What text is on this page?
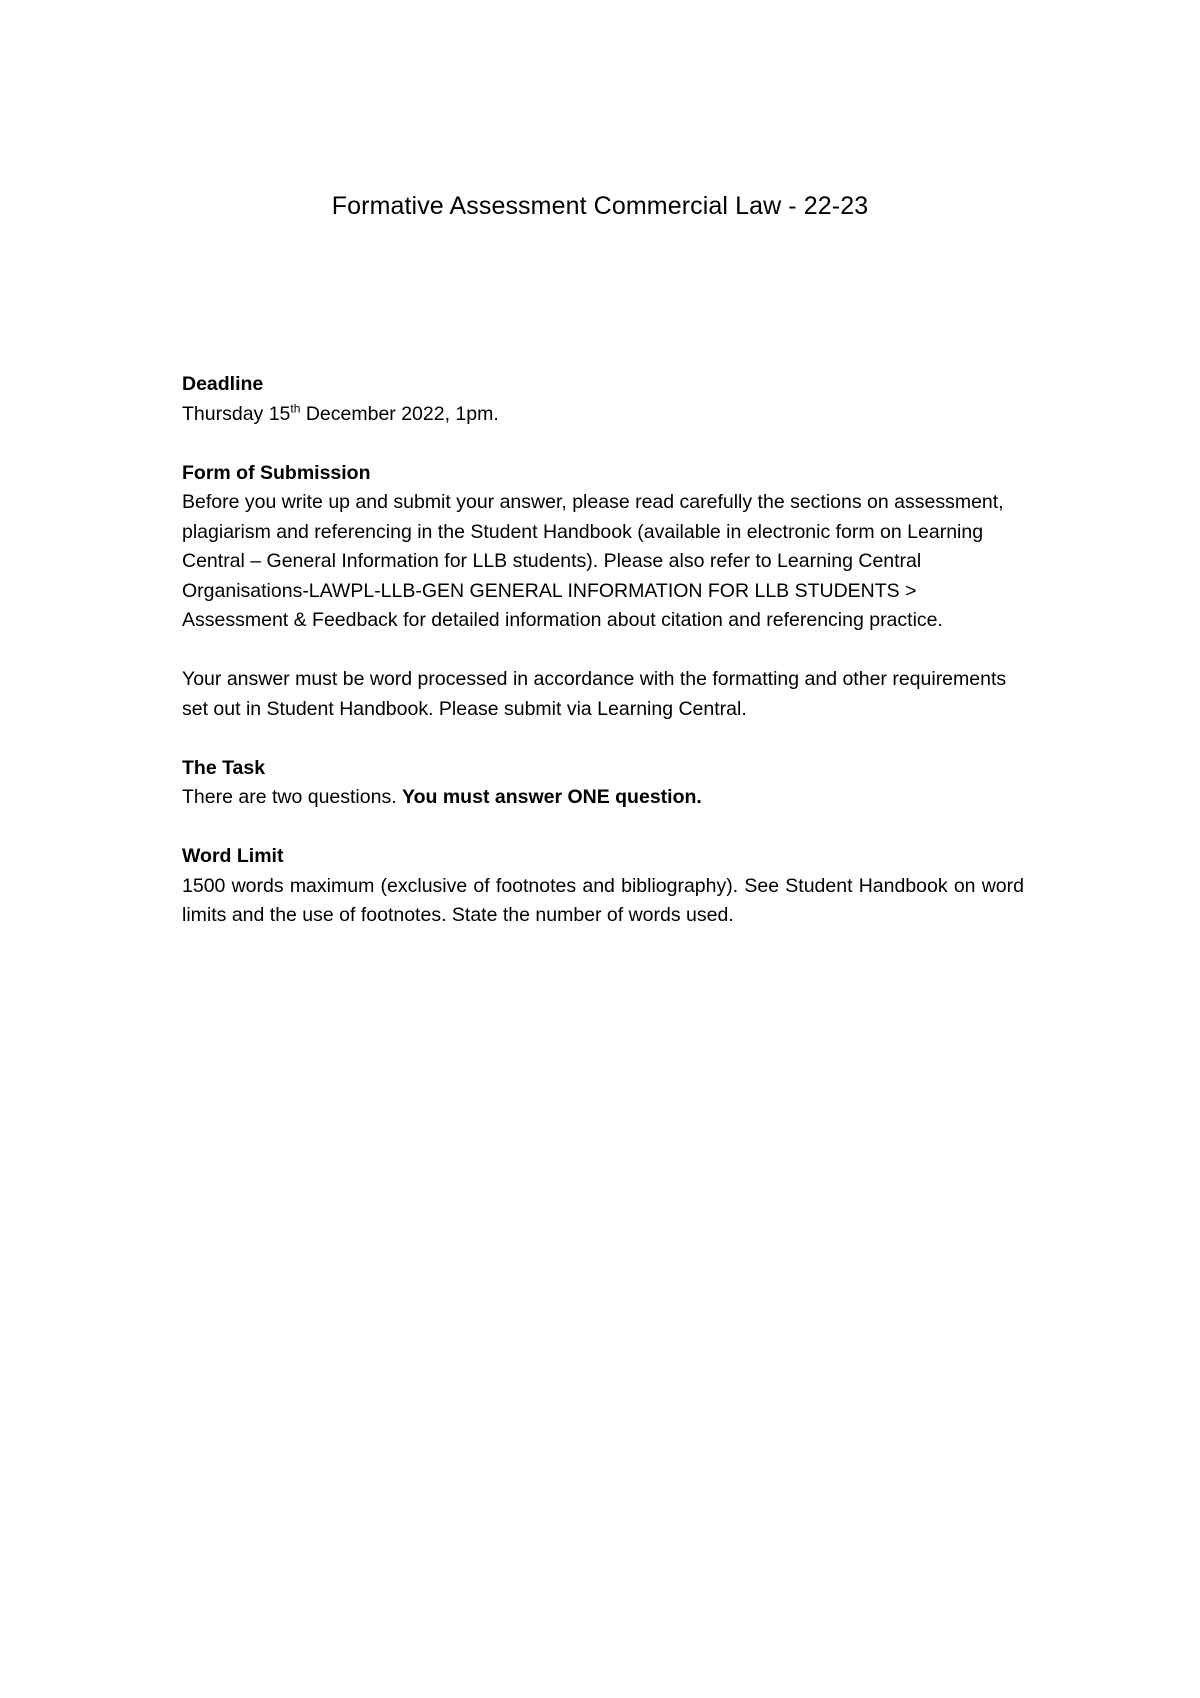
Formative Assessment Commercial Law - 22-23

Deadline

Thursday 15th December 2022, 1pm.

Form of Submission

Before you write up and submit your answer, please read carefully the sections on assessment, plagiarism and referencing in the Student Handbook (available in electronic form on Learning Central – General Information for LLB students). Please also refer to Learning Central Organisations-LAWPL-LLB-GEN GENERAL INFORMATION FOR LLB STUDENTS > Assessment & Feedback for detailed information about citation and referencing practice.

Your answer must be word processed in accordance with the formatting and other requirements set out in Student Handbook. Please submit via Learning Central.

The Task

There are two questions. You must answer ONE question.

Word Limit

1500 words maximum (exclusive of footnotes and bibliography). See Student Handbook on word limits and the use of footnotes. State the number of words used.
